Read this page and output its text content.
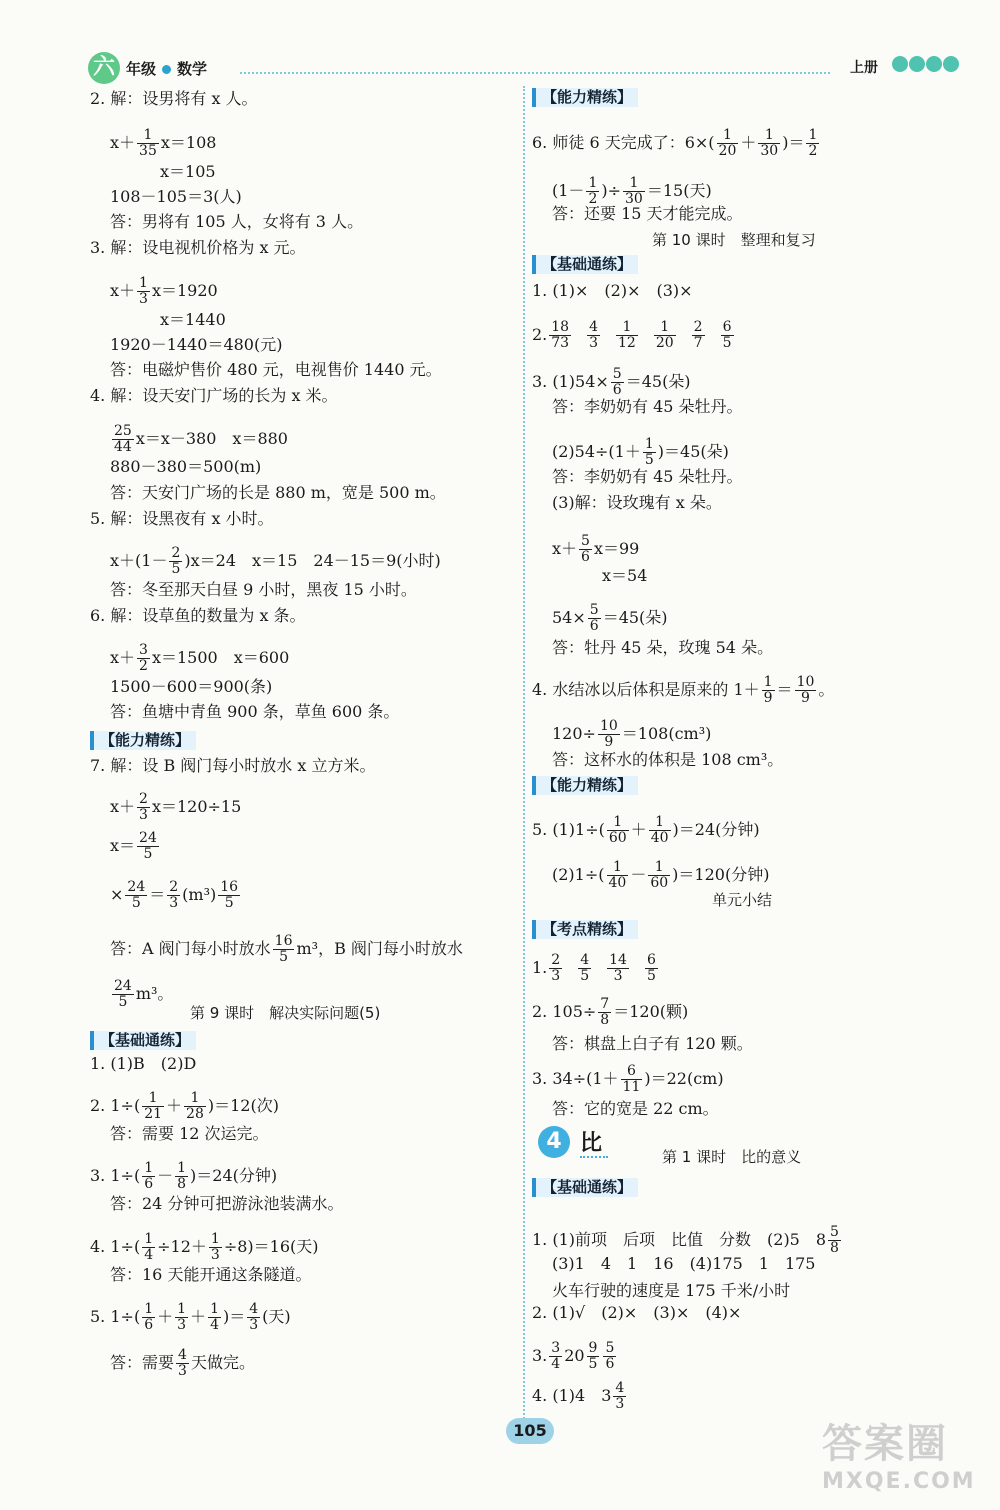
六 年级 数学	上册
2. 解：设男将有 x 人。
$x+ \frac{1}{35} x=108$
x＝105
108－105＝3(人)
答：男将有 105 人，女将有 3 人。
3. 解：设电视机价格为 x 元。
$x+ \frac{1}{3} x=1920$
x＝1440
1920－1440＝480(元)
答：电磁炉售价 480 元，电视售价 1440 元。
4. 解：设天安门广场的长为 x 米。
$\frac{25}{44} x=x-380$　x＝880
880－380＝500(m)
答：天安门广场的长是 880 m，宽是 500 m。
5. 解：设黑夜有 x 小时。
$x+(1- \frac{2}{5} )x=24$　x＝15　24－15＝9(小时)
答：冬至那天白昼 9 小时，黑夜 15 小时。
6. 解：设草鱼的数量为 x 条。
$x+ \frac{3}{2} x=1500$　x＝600
1500－600＝900(条)
答：鱼塘中青鱼 900 条，草鱼 600 条。
【能力精练】
7. 解：设 B 阀门每小时放水 x 立方米。
$x+ \frac{2}{3} x=120\div 15$
$x= \frac{24}{5}$
× $\frac{24}{5} = \frac{2}{3} (m^3) \frac{16}{5}$
答：A 阀门每小时放水 $\frac{16}{5} m^3$，B 阀门每小时放水
$\frac{24}{5} m^3$。
第 9 课时　解决实际问题(5)
【基础通练】
1. (1)B　(2)D
2. $1\div( \frac{1}{21} + \frac{1}{28} )=12$(次)
答：需要 12 次运完。
3. $1\div( \frac{1}{6} - \frac{1}{8} )=24$(分钟)
答：24 分钟可把游泳池装满水。
4. $1\div( \frac{1}{4} \div 12+ \frac{1}{3} \div 8)=16$(天)
答：16 天能开通这条隧道。
5. $1\div( \frac{1}{6} + \frac{1}{3} + \frac{1}{4}$ )＝ $\frac{4}{3}$ (天)
答：需要 $\frac{4}{3}$ 天做完。
【能力精练】
6. 师徒 6 天完成了：$6\times( \frac{1}{20} + \frac{1}{30}$ )＝ $\frac{1}{2}$
($1- \frac{1}{2}$ )÷ $\frac{1}{30} =15$(天)
答：还要 15 天才能完成。
第 10 课时　整理和复习
【基础通练】
1. (1)×　(2)×　(3)×
2. $\frac{18}{73} \frac{4}{3} \frac{1}{12} \frac{1}{20} \frac{2}{7} \frac{6}{5}$
3. $(1)54\times \frac{5}{6} =45$(朵)
答：李奶奶有 45 朵牡丹。
$(2)54\div(1+ \frac{1}{5} )=45$(朵)
答：李奶奶有 45 朵牡丹。
(3)解：设玫瑰有 x 朵。
$x+ \frac{5}{6} x=99$
x＝54
$54\times \frac{5}{6} =45$(朵)
答：牡丹 45 朵，玫瑰 54 朵。
4. 水结冰以后体积是原来的 $1+ \frac{1}{9} = \frac{10}{9}$ 。
$120\div \frac{10}{9} =108(cm^3)$
答：这杯水的体积是 108 cm³。
【能力精练】
5. $(1)1\div( \frac{1}{60} + \frac{1}{40} )=24$(分钟)
$(2)1\div( \frac{1}{40} - \frac{1}{60} )=120$(分钟)
单元小结
【考点精练】
1. $\frac{2}{3} \frac{4}{5} \frac{14}{3} \frac{6}{5}$
2. $105\div \frac{7}{8} =120$(颗)
答：棋盘上白子有 120 颗。
3. $34\div(1+ \frac{6}{11} )=22(cm)$
答：它的宽是 22 cm。
第 1 课时　比的意义
【基础通练】
1. (1)前项　后项　比值　分数　(2)5　$8 \frac{5}{8}$
(3)1　4　1　16　(4)175　1　175
火车行驶的速度是 175 千米/小时
2. (1)√　(2)×　(3)×　(4)×
3. $\frac{3}{4} 20 \frac{9}{5} \frac{5}{6}$
4. (1)4　$3 \frac{4}{3}$
4 比
105	答案圈
MXQE.COM
